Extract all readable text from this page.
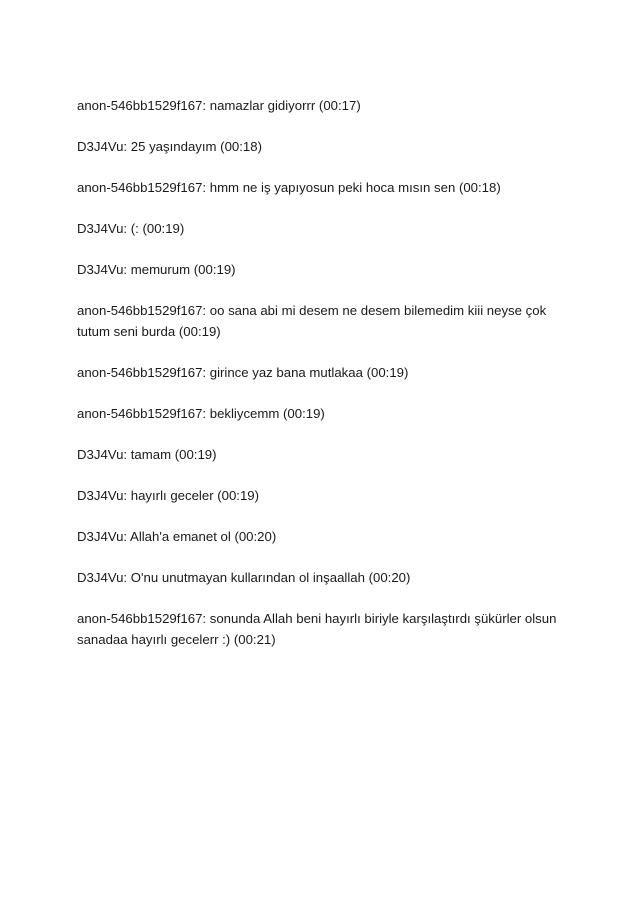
anon-546bb1529f167: namazlar gidiyorrr (00:17)

D3J4Vu: 25 yaşındayım (00:18)

anon-546bb1529f167: hmm ne iş yapıyosun peki hoca mısın sen (00:18)

D3J4Vu: (: (00:19)

D3J4Vu: memurum (00:19)

anon-546bb1529f167: oo sana abi mi desem ne desem bilemedim kiii neyse çok tutum seni burda (00:19)

anon-546bb1529f167: girince yaz bana mutlakaa (00:19)

anon-546bb1529f167: bekliycemm (00:19)

D3J4Vu: tamam (00:19)

D3J4Vu: hayırlı geceler (00:19)

D3J4Vu: Allah'a emanet ol (00:20)

D3J4Vu: O'nu unutmayan kullarından ol inşaallah (00:20)

anon-546bb1529f167: sonunda Allah beni hayırlı biriyle karşılaştırdı şükürler olsun sanadaa hayırlı gecelerr :) (00:21)
